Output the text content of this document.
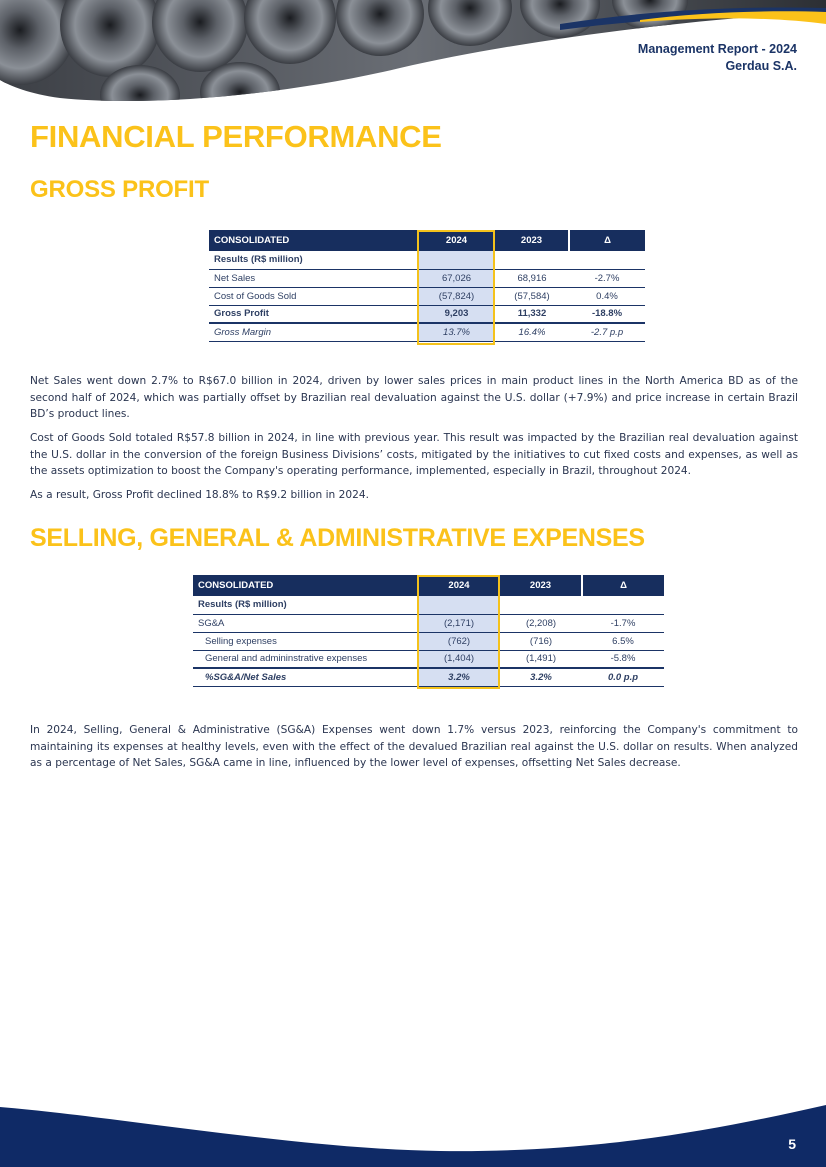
Management Report - 2024
Gerdau S.A.
FINANCIAL PERFORMANCE
GROSS PROFIT
CONSOLIDATED	2024	2023	Δ
Results (R$ million)			
Net Sales	67,026	68,916	-2.7%
Cost of Goods Sold	(57,824)	(57,584)	0.4%
Gross Profit	9,203	11,332	-18.8%
Gross Margin	13.7%	16.4%	-2.7 p.p
Net Sales went down 2.7% to R$67.0 billion in 2024, driven by lower sales prices in main product lines in the North America BD as of the second half of 2024, which was partially offset by Brazilian real devaluation against the U.S. dollar (+7.9%) and price increase in certain Brazil BD’s product lines.
Cost of Goods Sold totaled R$57.8 billion in 2024, in line with previous year. This result was impacted by the Brazilian real devaluation against the U.S. dollar in the conversion of the foreign Business Divisions’ costs, mitigated by the initiatives to cut fixed costs and expenses, as well as the assets optimization to boost the Company's operating performance, implemented, especially in Brazil, throughout 2024.
As a result, Gross Profit declined 18.8% to R$9.2 billion in 2024.
SELLING, GENERAL & ADMINISTRATIVE EXPENSES
CONSOLIDATED	2024	2023	Δ
Results (R$ million)			
SG&A	(2,171)	(2,208)	-1.7%
Selling expenses	(762)	(716)	6.5%
General and admininstrative expenses	(1,404)	(1,491)	-5.8%
%SG&A/Net Sales	3.2%	3.2%	0.0 p.p
In 2024, Selling, General & Administrative (SG&A) Expenses went down 1.7% versus 2023, reinforcing the Company's commitment to maintaining its expenses at healthy levels, even with the effect of the devalued Brazilian real against the U.S. dollar on results. When analyzed as a percentage of Net Sales, SG&A came in line, influenced by the lower level of expenses, offsetting Net Sales decrease.
5
